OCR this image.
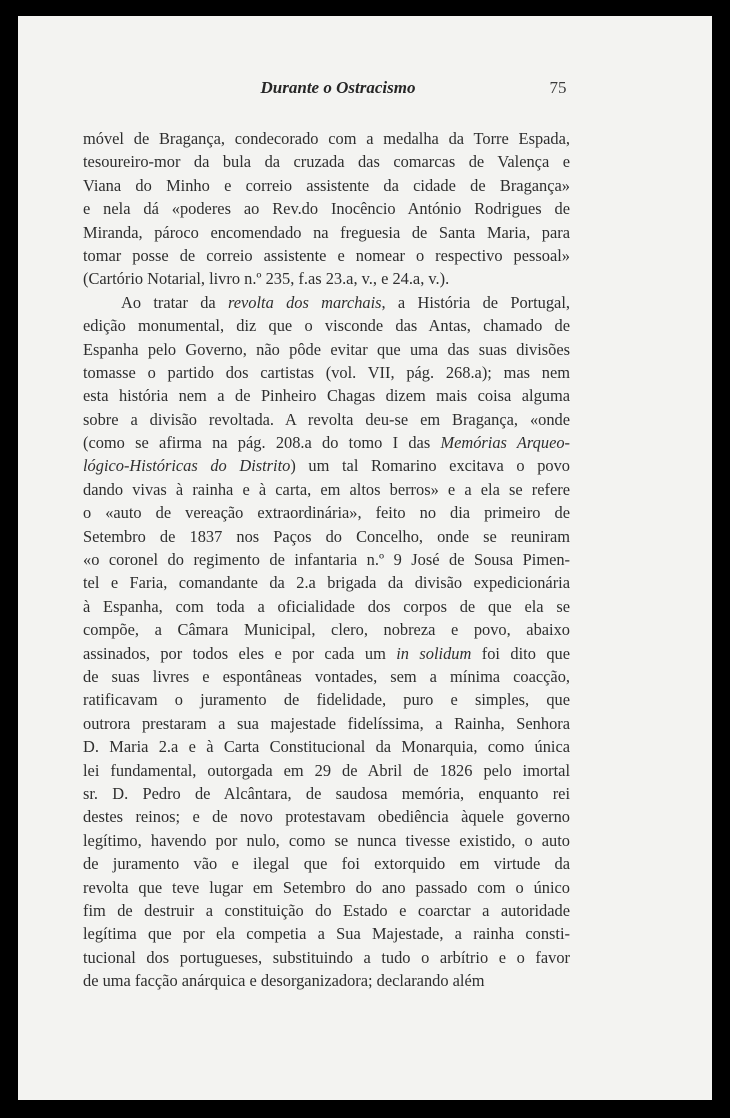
Durante o Ostracismo	75
móvel de Bragança, condecorado com a medalha da Torre Espada,
tesoureiro-mor da bula da cruzada das comarcas de Valença e
Viana do Minho e correio assistente da cidade de Bragança»
e nela dá «poderes ao Rev.do Inocêncio António Rodrigues de
Miranda, pároco encomendado na freguesia de Santa Maria, para
tomar posse de correio assistente e nomear o respectivo pessoal»
(Cartório Notarial, livro n.º 235, f.as 23.a, v., e 24.a, v.).
Ao tratar da revolta dos marchais, a História de Portugal,
edição monumental, diz que o visconde das Antas, chamado de
Espanha pelo Governo, não pôde evitar que uma das suas divisões
tomasse o partido dos cartistas (vol. VII, pág. 268.a); mas nem
esta história nem a de Pinheiro Chagas dizem mais coisa alguma
sobre a divisão revoltada. A revolta deu-se em Bragança, «onde
(como se afirma na pág. 208.a do tomo I das Memórias Arqueo-
lógico-Históricas do Distrito) um tal Romarino excitava o povo
dando vivas à rainha e à carta, em altos berros» e a ela se refere
o «auto de vereação extraordinária», feito no dia primeiro de
Setembro de 1837 nos Paços do Concelho, onde se reuniram
«o coronel do regimento de infantaria n.º 9 José de Sousa Pimen-
tel e Faria, comandante da 2.a brigada da divisão expedicionária
à Espanha, com toda a oficialidade dos corpos de que ela se
compõe, a Câmara Municipal, clero, nobreza e povo, abaixo
assinados, por todos eles e por cada um in solidum foi dito que
de suas livres e espontâneas vontades, sem a mínima coacção,
ratificavam o juramento de fidelidade, puro e simples, que
outrora prestaram a sua majestade fidelíssima, a Rainha, Senhora
D. Maria 2.a e à Carta Constitucional da Monarquia, como única
lei fundamental, outorgada em 29 de Abril de 1826 pelo imortal
sr. D. Pedro de Alcântara, de saudosa memória, enquanto rei
destes reinos; e de novo protestavam obediência àquele governo
legítimo, havendo por nulo, como se nunca tivesse existido, o auto
de juramento vão e ilegal que foi extorquido em virtude da
revolta que teve lugar em Setembro do ano passado com o único
fim de destruir a constituição do Estado e coarctar a autoridade
legítima que por ela competia a Sua Majestade, a rainha consti-
tucional dos portugueses, substituindo a tudo o arbítrio e o favor
de uma facção anárquica e desorganizadora; declarando além
